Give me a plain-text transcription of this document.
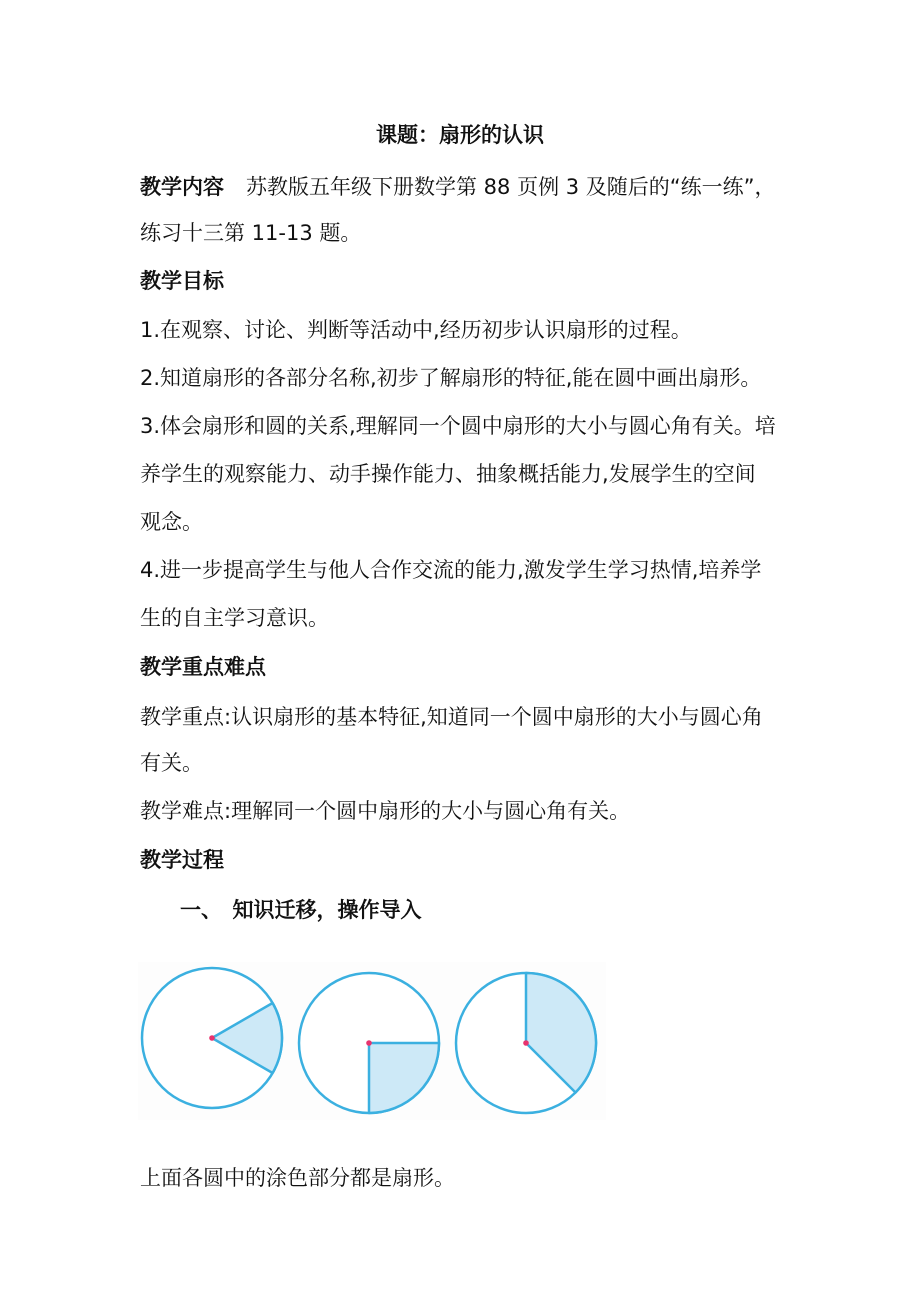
课题：扇形的认识

教学内容 苏教版五年级下册数学第 88 页例 3 及随后的“练一练”，

练习十三第 11-13 题。

教学目标

1.在观察、讨论、判断等活动中,经历初步认识扇形的过程。

2.知道扇形的各部分名称,初步了解扇形的特征,能在圆中画出扇形。

3.体会扇形和圆的关系,理解同一个圆中扇形的大小与圆心角有关。培

养学生的观察能力、动手操作能力、抽象概括能力,发展学生的空间

观念。

4.进一步提高学生与他人合作交流的能力,激发学生学习热情,培养学

生的自主学习意识。

教学重点难点

教学重点:认识扇形的基本特征,知道同一个圆中扇形的大小与圆心角

有关。

教学难点:理解同一个圆中扇形的大小与圆心角有关。

教学过程

一、　知识迁移，操作导入

上面各圆中的涂色部分都是扇形。
